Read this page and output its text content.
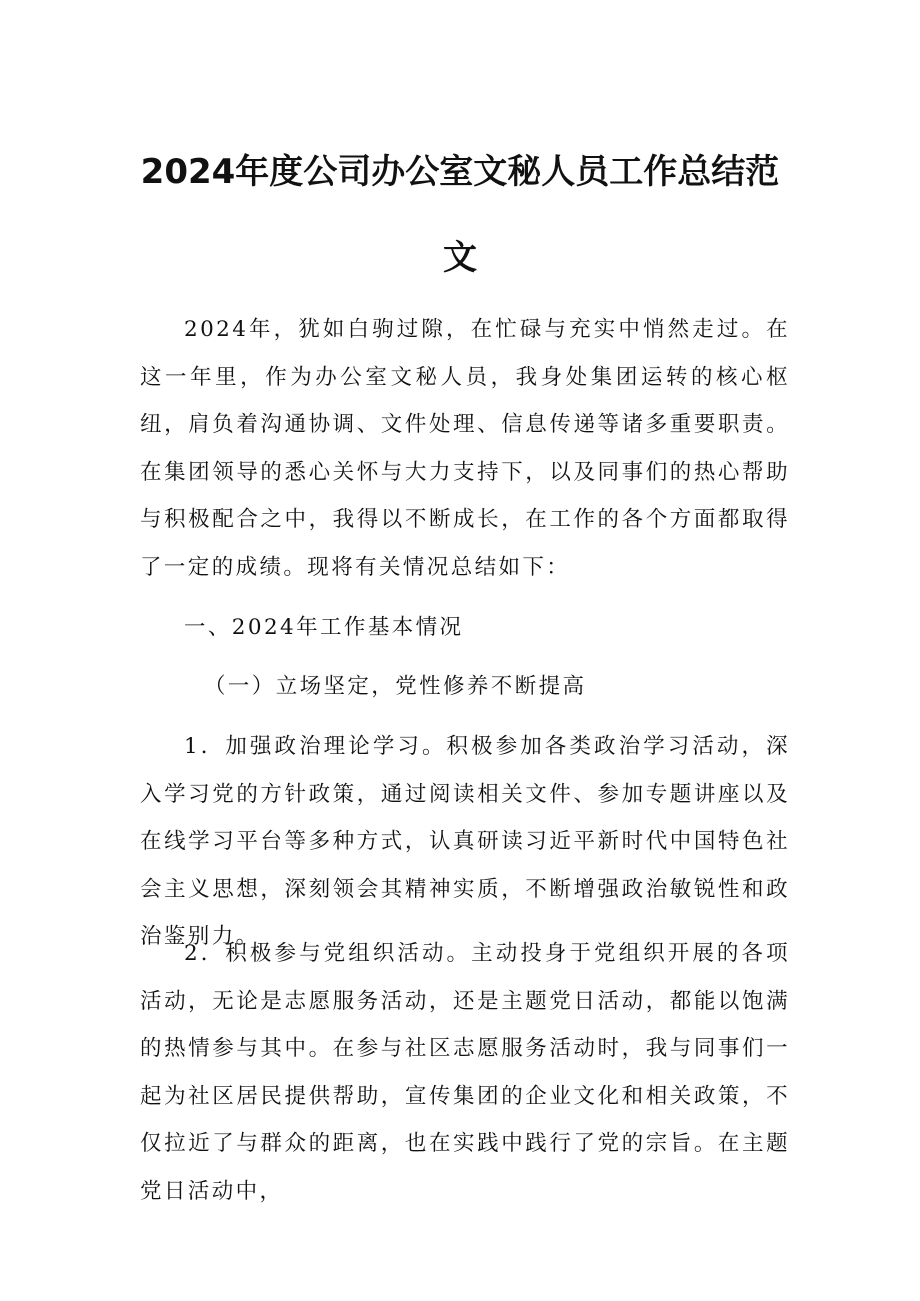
2024年度公司办公室文秘人员工作总结范
文

2024年，犹如白驹过隙，在忙碌与充实中悄然走过。在这一年里，作为办公室文秘人员，我身处集团运转的核心枢纽，肩负着沟通协调、文件处理、信息传递等诸多重要职责。在集团领导的悉心关怀与大力支持下，以及同事们的热心帮助与积极配合之中，我得以不断成长，在工作的各个方面都取得了一定的成绩。现将有关情况总结如下：

一、2024年工作基本情况

（一）立场坚定，党性修养不断提高

1．加强政治理论学习。积极参加各类政治学习活动，深入学习党的方针政策，通过阅读相关文件、参加专题讲座以及在线学习平台等多种方式，认真研读习近平新时代中国特色社会主义思想，深刻领会其精神实质，不断增强政治敏锐性和政治鉴别力。

2．积极参与党组织活动。主动投身于党组织开展的各项活动，无论是志愿服务活动，还是主题党日活动，都能以饱满的热情参与其中。在参与社区志愿服务活动时，我与同事们一起为社区居民提供帮助，宣传集团的企业文化和相关政策，不仅拉近了与群众的距离，也在实践中践行了党的宗旨。在主题党日活动中，
